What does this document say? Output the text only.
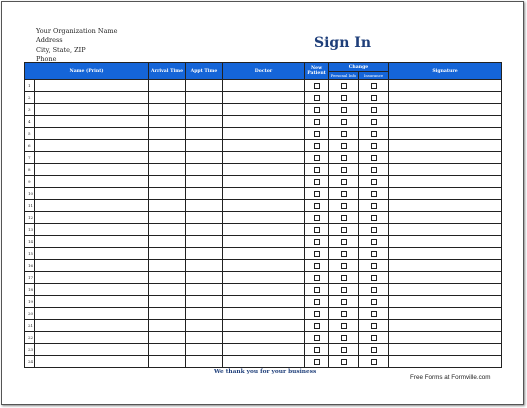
Your Organization Name
Address
City, State, ZIP
Phone
Sign In
Name (Print)		Arrival Time	Appt Time	Doctor	New Patient	Change		Signature
						Personal Info	Insurance	
1								
2								
3								
4								
5								
6								
7								
8								
9								
10								
11								
12								
13								
14								
15								
16								
17								
18								
19								
20								
21								
22								
23								
24								
We thank you for your business
Free Forms at Formville.com
